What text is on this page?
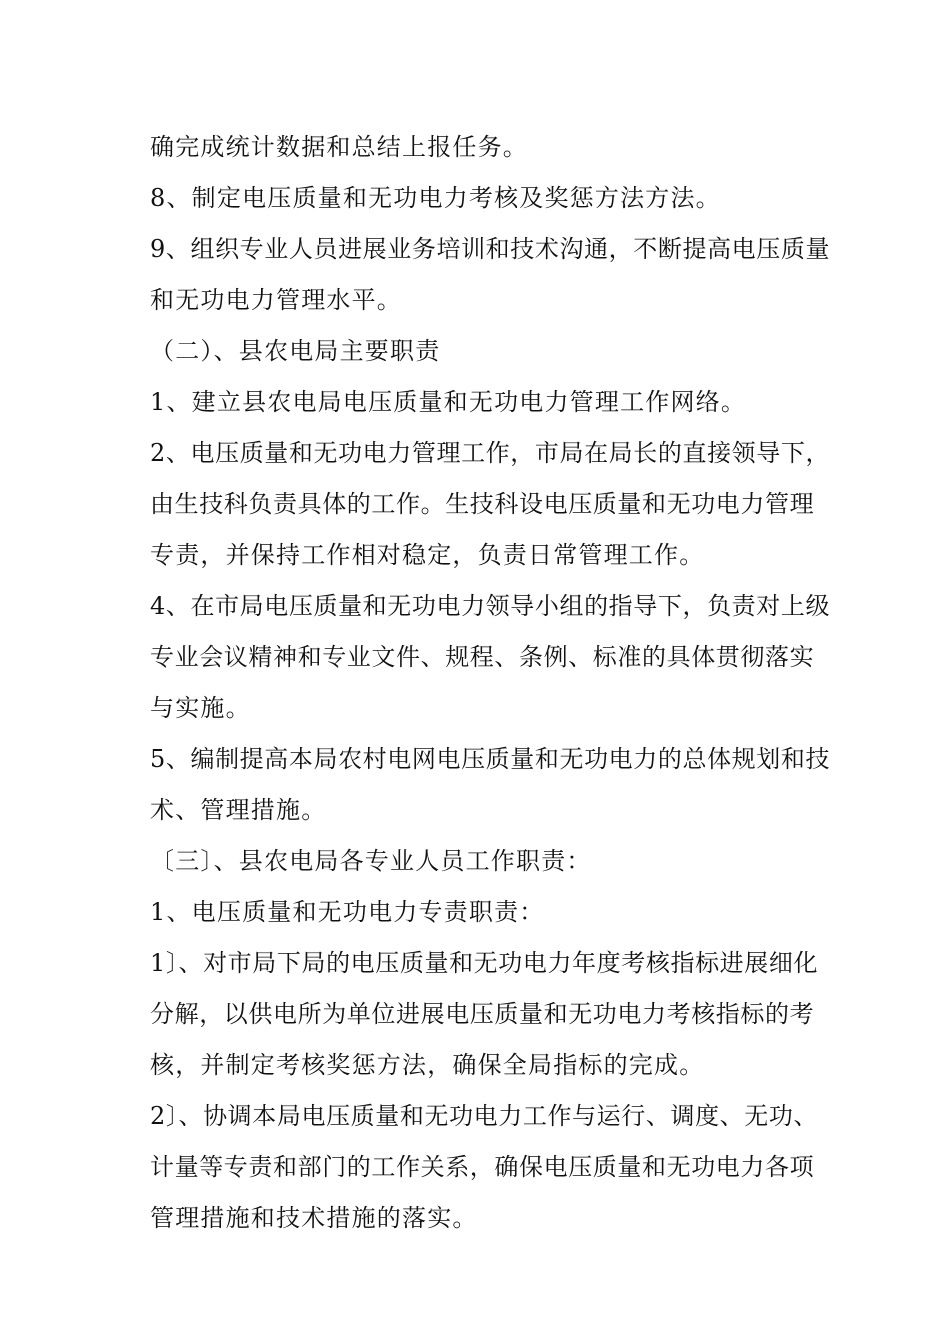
确完成统计数据和总结上报任务。
8、制定电压质量和无功电力考核及奖惩方法方法。
9、组织专业人员进展业务培训和技术沟通，不断提高电压质量
和无功电力管理水平。
（二）、县农电局主要职责
1、建立县农电局电压质量和无功电力管理工作网络。
2、电压质量和无功电力管理工作，市局在局长的直接领导下，
由生技科负责具体的工作。生技科设电压质量和无功电力管理
专责，并保持工作相对稳定，负责日常管理工作。
4、在市局电压质量和无功电力领导小组的指导下，负责对上级
专业会议精神和专业文件、规程、条例、标准的具体贯彻落实
与实施。
5、编制提高本局农村电网电压质量和无功电力的总体规划和技
术、管理措施。
〔三〕、县农电局各专业人员工作职责：
1、电压质量和无功电力专责职责：
1〕、对市局下局的电压质量和无功电力年度考核指标进展细化
分解，以供电所为单位进展电压质量和无功电力考核指标的考
核，并制定考核奖惩方法，确保全局指标的完成。
2〕、协调本局电压质量和无功电力工作与运行、调度、无功、
计量等专责和部门的工作关系，确保电压质量和无功电力各项
管理措施和技术措施的落实。
